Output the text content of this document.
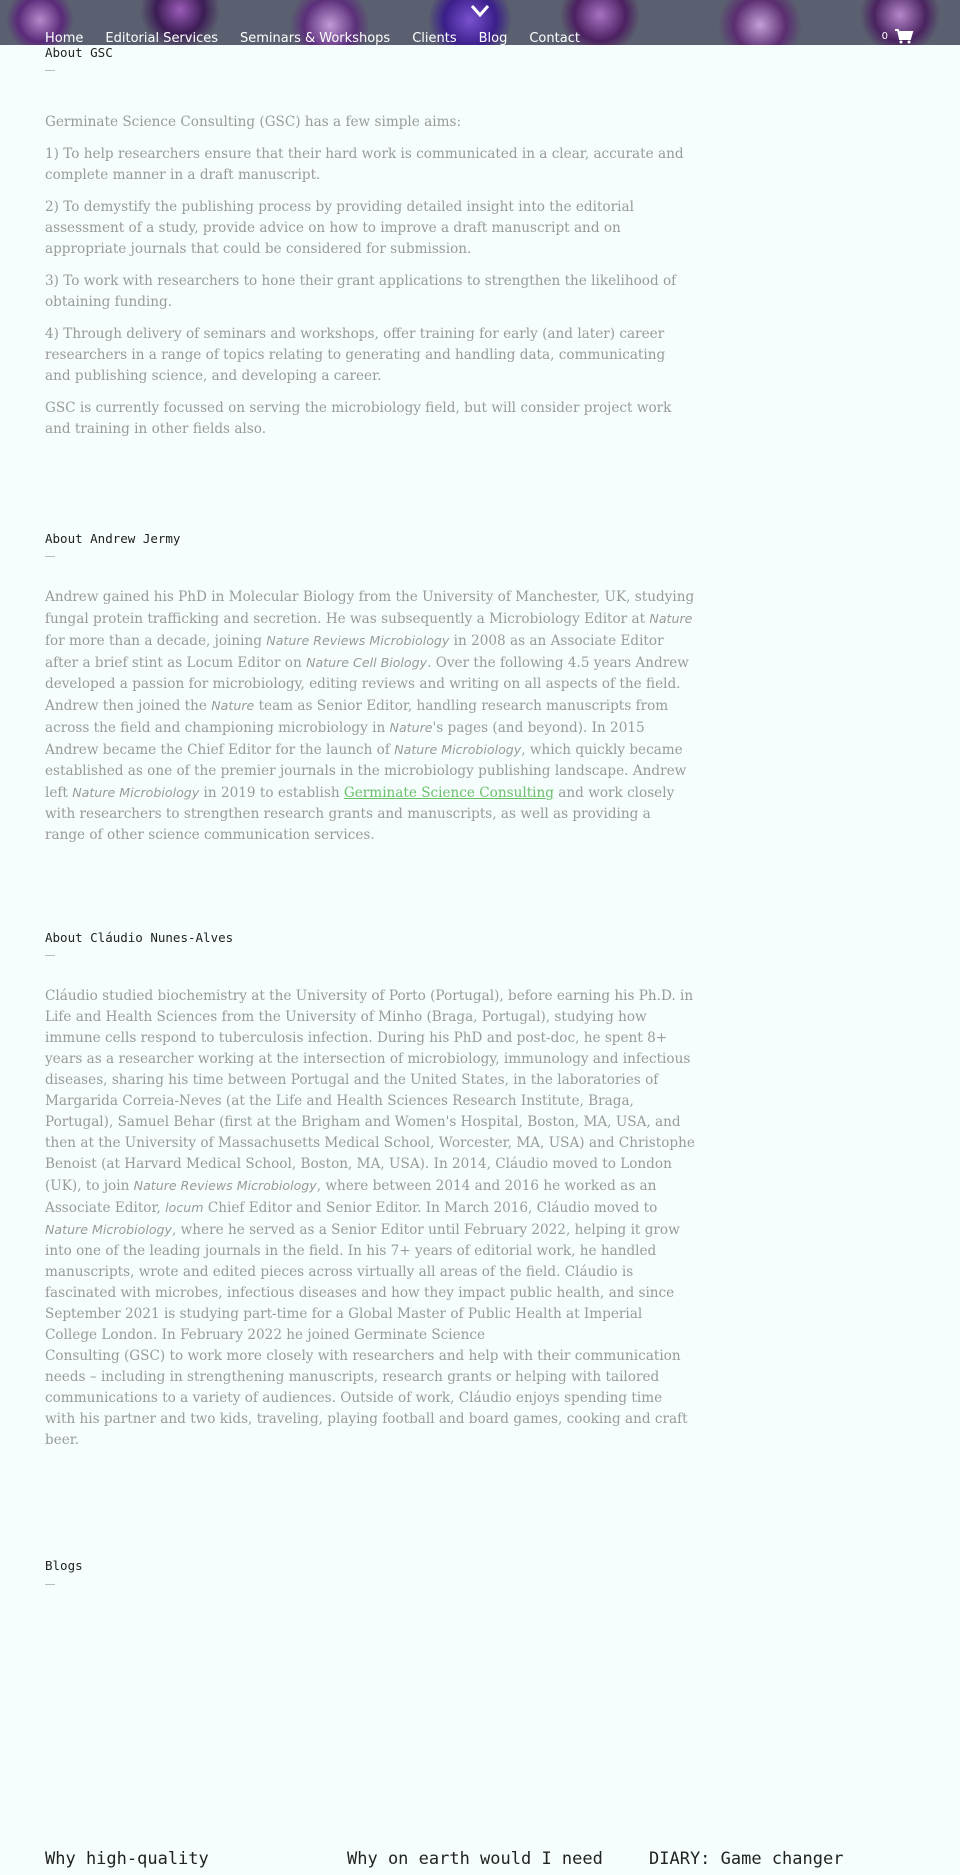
Home Editorial Services Seminars & Workshops Clients Blog Contact	0
About GSC

Germinate Science Consulting (GSC) has a few simple aims:

1) To help researchers ensure that their hard work is communicated in a clear, accurate and complete manner in a draft manuscript.

2) To demystify the publishing process by providing detailed insight into the editorial assessment of a study, provide advice on how to improve a draft manuscript and on appropriate journals that could be considered for submission.

3) To work with researchers to hone their grant applications to strengthen the likelihood of obtaining funding.

4) Through delivery of seminars and workshops, offer training for early (and later) career researchers in a range of topics relating to generating and handling data, communicating and publishing science, and developing a career.

GSC is currently focussed on serving the microbiology field, but will consider project work and training in other fields also.

About Andrew Jermy

Andrew gained his PhD in Molecular Biology from the University of Manchester, UK, studying fungal protein trafficking and secretion. He was subsequently a Microbiology Editor at Nature for more than a decade, joining Nature Reviews Microbiology in 2008 as an Associate Editor after a brief stint as Locum Editor on Nature Cell Biology. Over the following 4.5 years Andrew developed a passion for microbiology, editing reviews and writing on all aspects of the field. Andrew then joined the Nature team as Senior Editor, handling research manuscripts from across the field and championing microbiology in Nature's pages (and beyond). In 2015 Andrew became the Chief Editor for the launch of Nature Microbiology, which quickly became established as one of the premier journals in the microbiology publishing landscape. Andrew left Nature Microbiology in 2019 to establish Germinate Science Consulting and work closely with researchers to strengthen research grants and manuscripts, as well as providing a range of other science communication services.

About Cláudio Nunes-Alves

Cláudio studied biochemistry at the University of Porto (Portugal), before earning his Ph.D. in Life and Health Sciences from the University of Minho (Braga, Portugal), studying how immune cells respond to tuberculosis infection. During his PhD and post-doc, he spent 8+ years as a researcher working at the intersection of microbiology, immunology and infectious diseases, sharing his time between Portugal and the United States, in the laboratories of Margarida Correia-Neves (at the Life and Health Sciences Research Institute, Braga, Portugal), Samuel Behar (first at the Brigham and Women's Hospital, Boston, MA, USA, and then at the University of Massachusetts Medical School, Worcester, MA, USA) and Christophe Benoist (at Harvard Medical School, Boston, MA, USA). In 2014, Cláudio moved to London (UK), to join Nature Reviews Microbiology, where between 2014 and 2016 he worked as an Associate Editor, locum Chief Editor and Senior Editor. In March 2016, Cláudio moved to Nature Microbiology, where he served as a Senior Editor until February 2022, helping it grow into one of the leading journals in the field. In his 7+ years of editorial work, he handled manuscripts, wrote and edited pieces across virtually all areas of the field. Cláudio is fascinated with microbes, infectious diseases and how they impact public health, and since September 2021 is studying part-time for a Global Master of Public Health at Imperial College London. In February 2022 he joined Germinate Science
Consulting (GSC) to work more closely with researchers and help with their communication needs – including in strengthening manuscripts, research grants or helping with tailored communications to a variety of audiences. Outside of work, Cláudio enjoys spending time with his partner and two kids, traveling, playing football and board games, cooking and craft beer.

Blogs
Why high-quality	Why on earth would I need	DIARY: Game changer
